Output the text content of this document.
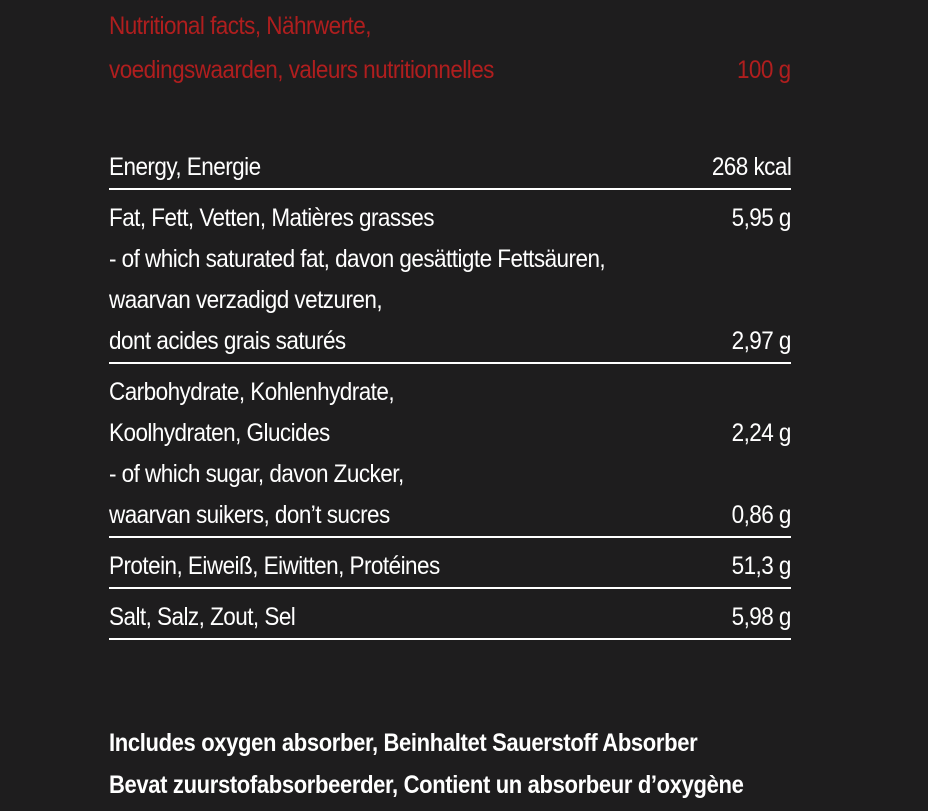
Nutritional facts, Nährwerte,
voedingswaarden, valeurs nutritionnelles	100 g
Energy, Energie	268 kcal
Fat, Fett, Vetten, Matières grasses	5,95 g
- of which saturated fat, davon gesättigte Fettsäuren,
waarvan verzadigd vetzuren,
dont acides grais saturés	2,97 g
Carbohydrate, Kohlenhydrate,
Koolhydraten, Glucides	2,24 g
- of which sugar, davon Zucker,
waarvan suikers, don’t sucres	0,86 g
Protein, Eiweiß, Eiwitten, Protéines	51,3 g
Salt, Salz, Zout, Sel	5,98 g
Includes oxygen absorber, Beinhaltet Sauerstoff Absorber
Bevat zuurstofabsorbeerder, Contient un absorbeur d’oxygène
